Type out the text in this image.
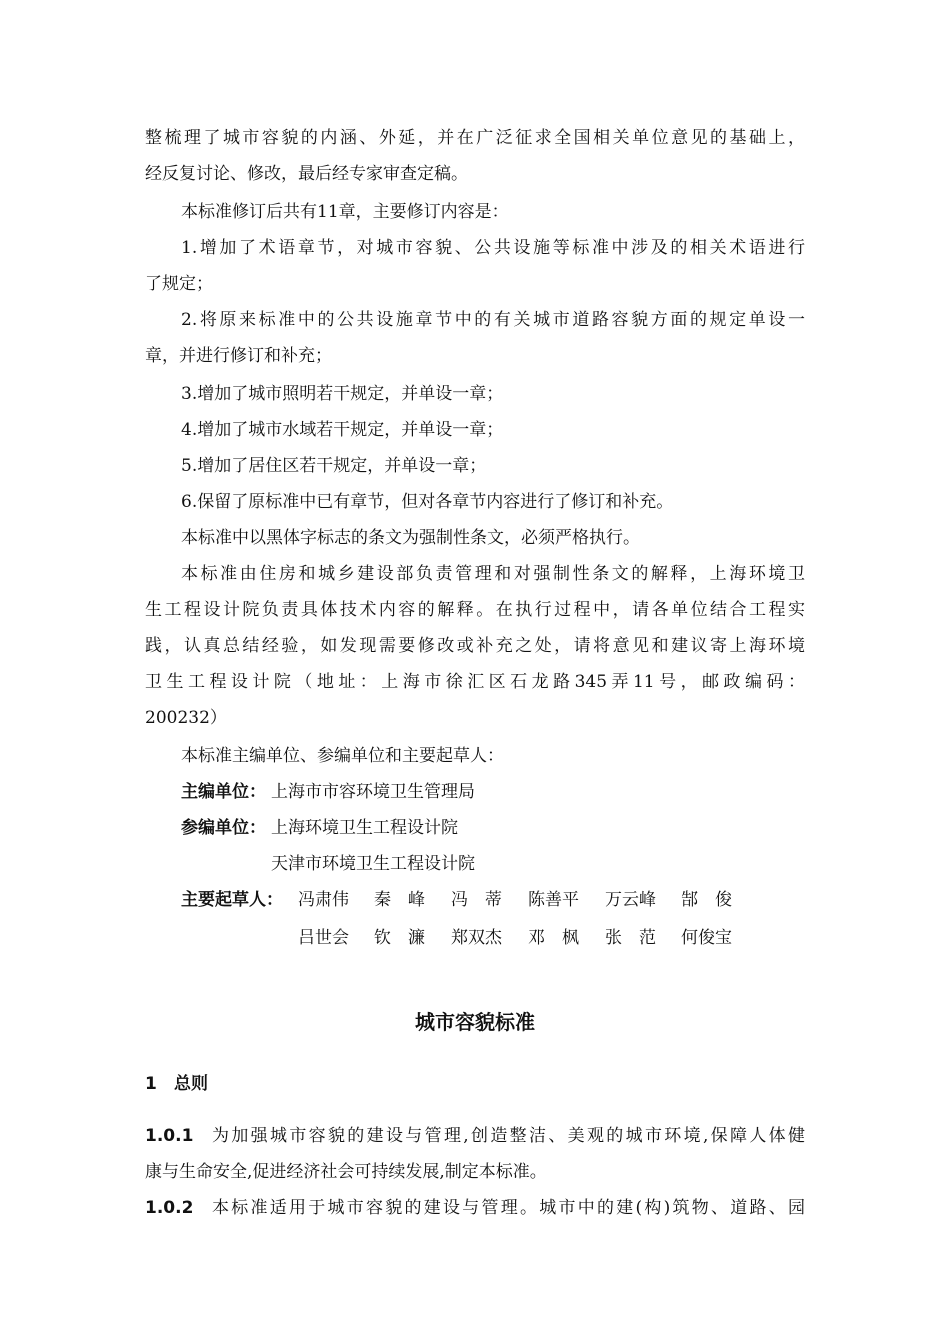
整梳理了城市容貌的内涵、外延，并在广泛征求全国相关单位意见的基础上，
经反复讨论、修改，最后经专家审查定稿。
本标准修订后共有11章，主要修订内容是：
1.增加了术语章节，对城市容貌、公共设施等标准中涉及的相关术语进行
了规定；
2.将原来标准中的公共设施章节中的有关城市道路容貌方面的规定单设一
章，并进行修订和补充；
3.增加了城市照明若干规定，并单设一章；
4.增加了城市水域若干规定，并单设一章；
5.增加了居住区若干规定，并单设一章；
6.保留了原标准中已有章节，但对各章节内容进行了修订和补充。
本标准中以黑体字标志的条文为强制性条文，必须严格执行。
本标准由住房和城乡建设部负责管理和对强制性条文的解释，上海环境卫
生工程设计院负责具体技术内容的解释。在执行过程中，请各单位结合工程实
践，认真总结经验，如发现需要修改或补充之处，请将意见和建议寄上海环境
卫生工程设计院（地址：上海市徐汇区石龙路345弄11号，邮政编码：
200232）
本标准主编单位、参编单位和主要起草人：
主编单位： 上海市市容环境卫生管理局
参编单位： 上海环境卫生工程设计院
天津市环境卫生工程设计院
主要起草人： 冯肃伟 秦　峰 冯　蒂 陈善平 万云峰 郜　俊
吕世会 钦　濂 郑双杰 邓　枫 张　范 何俊宝
城市容貌标准
1 总则
1.0.1 为加强城市容貌的建设与管理,创造整洁、美观的城市环境,保障人体健
康与生命安全,促进经济社会可持续发展,制定本标准。
1.0.2 本标准适用于城市容貌的建设与管理。城市中的建(构)筑物、道路、园
